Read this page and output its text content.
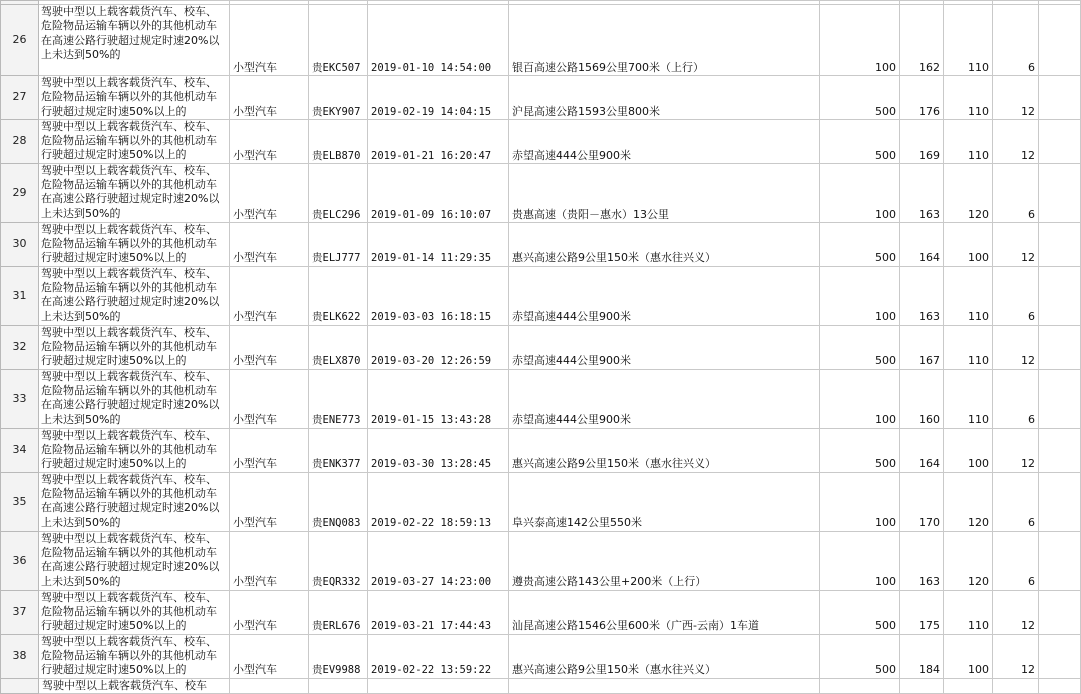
26	驾驶中型以上载客载货汽车、校车、危险物品运输车辆以外的其他机动车在高速公路行驶超过规定时速20%以上未达到50%的	小型汽车	贵EKC507	2019-01-10 14:54:00	银百高速公路1569公里700米（上行）	100	162	110	6	
27	驾驶中型以上载客载货汽车、校车、危险物品运输车辆以外的其他机动车行驶超过规定时速50%以上的	小型汽车	贵EKY907	2019-02-19 14:04:15	沪昆高速公路1593公里800米	500	176	110	12	
28	驾驶中型以上载客载货汽车、校车、危险物品运输车辆以外的其他机动车行驶超过规定时速50%以上的	小型汽车	贵ELB870	2019-01-21 16:20:47	赤望高速444公里900米	500	169	110	12	
29	驾驶中型以上载客载货汽车、校车、危险物品运输车辆以外的其他机动车在高速公路行驶超过规定时速20%以上未达到50%的	小型汽车	贵ELC296	2019-01-09 16:10:07	贵惠高速（贵阳－惠水）13公里	100	163	120	6	
30	驾驶中型以上载客载货汽车、校车、危险物品运输车辆以外的其他机动车行驶超过规定时速50%以上的	小型汽车	贵ELJ777	2019-01-14 11:29:35	惠兴高速公路9公里150米（惠水往兴义）	500	164	100	12	
31	驾驶中型以上载客载货汽车、校车、危险物品运输车辆以外的其他机动车在高速公路行驶超过规定时速20%以上未达到50%的	小型汽车	贵ELK622	2019-03-03 16:18:15	赤望高速444公里900米	100	163	110	6	
32	驾驶中型以上载客载货汽车、校车、危险物品运输车辆以外的其他机动车行驶超过规定时速50%以上的	小型汽车	贵ELX870	2019-03-20 12:26:59	赤望高速444公里900米	500	167	110	12	
33	驾驶中型以上载客载货汽车、校车、危险物品运输车辆以外的其他机动车在高速公路行驶超过规定时速20%以上未达到50%的	小型汽车	贵ENE773	2019-01-15 13:43:28	赤望高速444公里900米	100	160	110	6	
34	驾驶中型以上载客载货汽车、校车、危险物品运输车辆以外的其他机动车行驶超过规定时速50%以上的	小型汽车	贵ENK377	2019-03-30 13:28:45	惠兴高速公路9公里150米（惠水往兴义）	500	164	100	12	
35	驾驶中型以上载客载货汽车、校车、危险物品运输车辆以外的其他机动车在高速公路行驶超过规定时速20%以上未达到50%的	小型汽车	贵ENQ083	2019-02-22 18:59:13	阜兴泰高速142公里550米	100	170	120	6	
36	驾驶中型以上载客载货汽车、校车、危险物品运输车辆以外的其他机动车在高速公路行驶超过规定时速20%以上未达到50%的	小型汽车	贵EQR332	2019-03-27 14:23:00	遵贵高速公路143公里+200米（上行）	100	163	120	6	
37	驾驶中型以上载客载货汽车、校车、危险物品运输车辆以外的其他机动车行驶超过规定时速50%以上的	小型汽车	贵ERL676	2019-03-21 17:44:43	汕昆高速公路1546公里600米（广西-云南）1车道	500	175	110	12	
38	驾驶中型以上载客载货汽车、校车、危险物品运输车辆以外的其他机动车行驶超过规定时速50%以上的	小型汽车	贵EV9988	2019-02-22 13:59:22	惠兴高速公路9公里150米（惠水往兴义）	500	184	100	12	
	驾驶中型以上载客载货汽车、校车									
